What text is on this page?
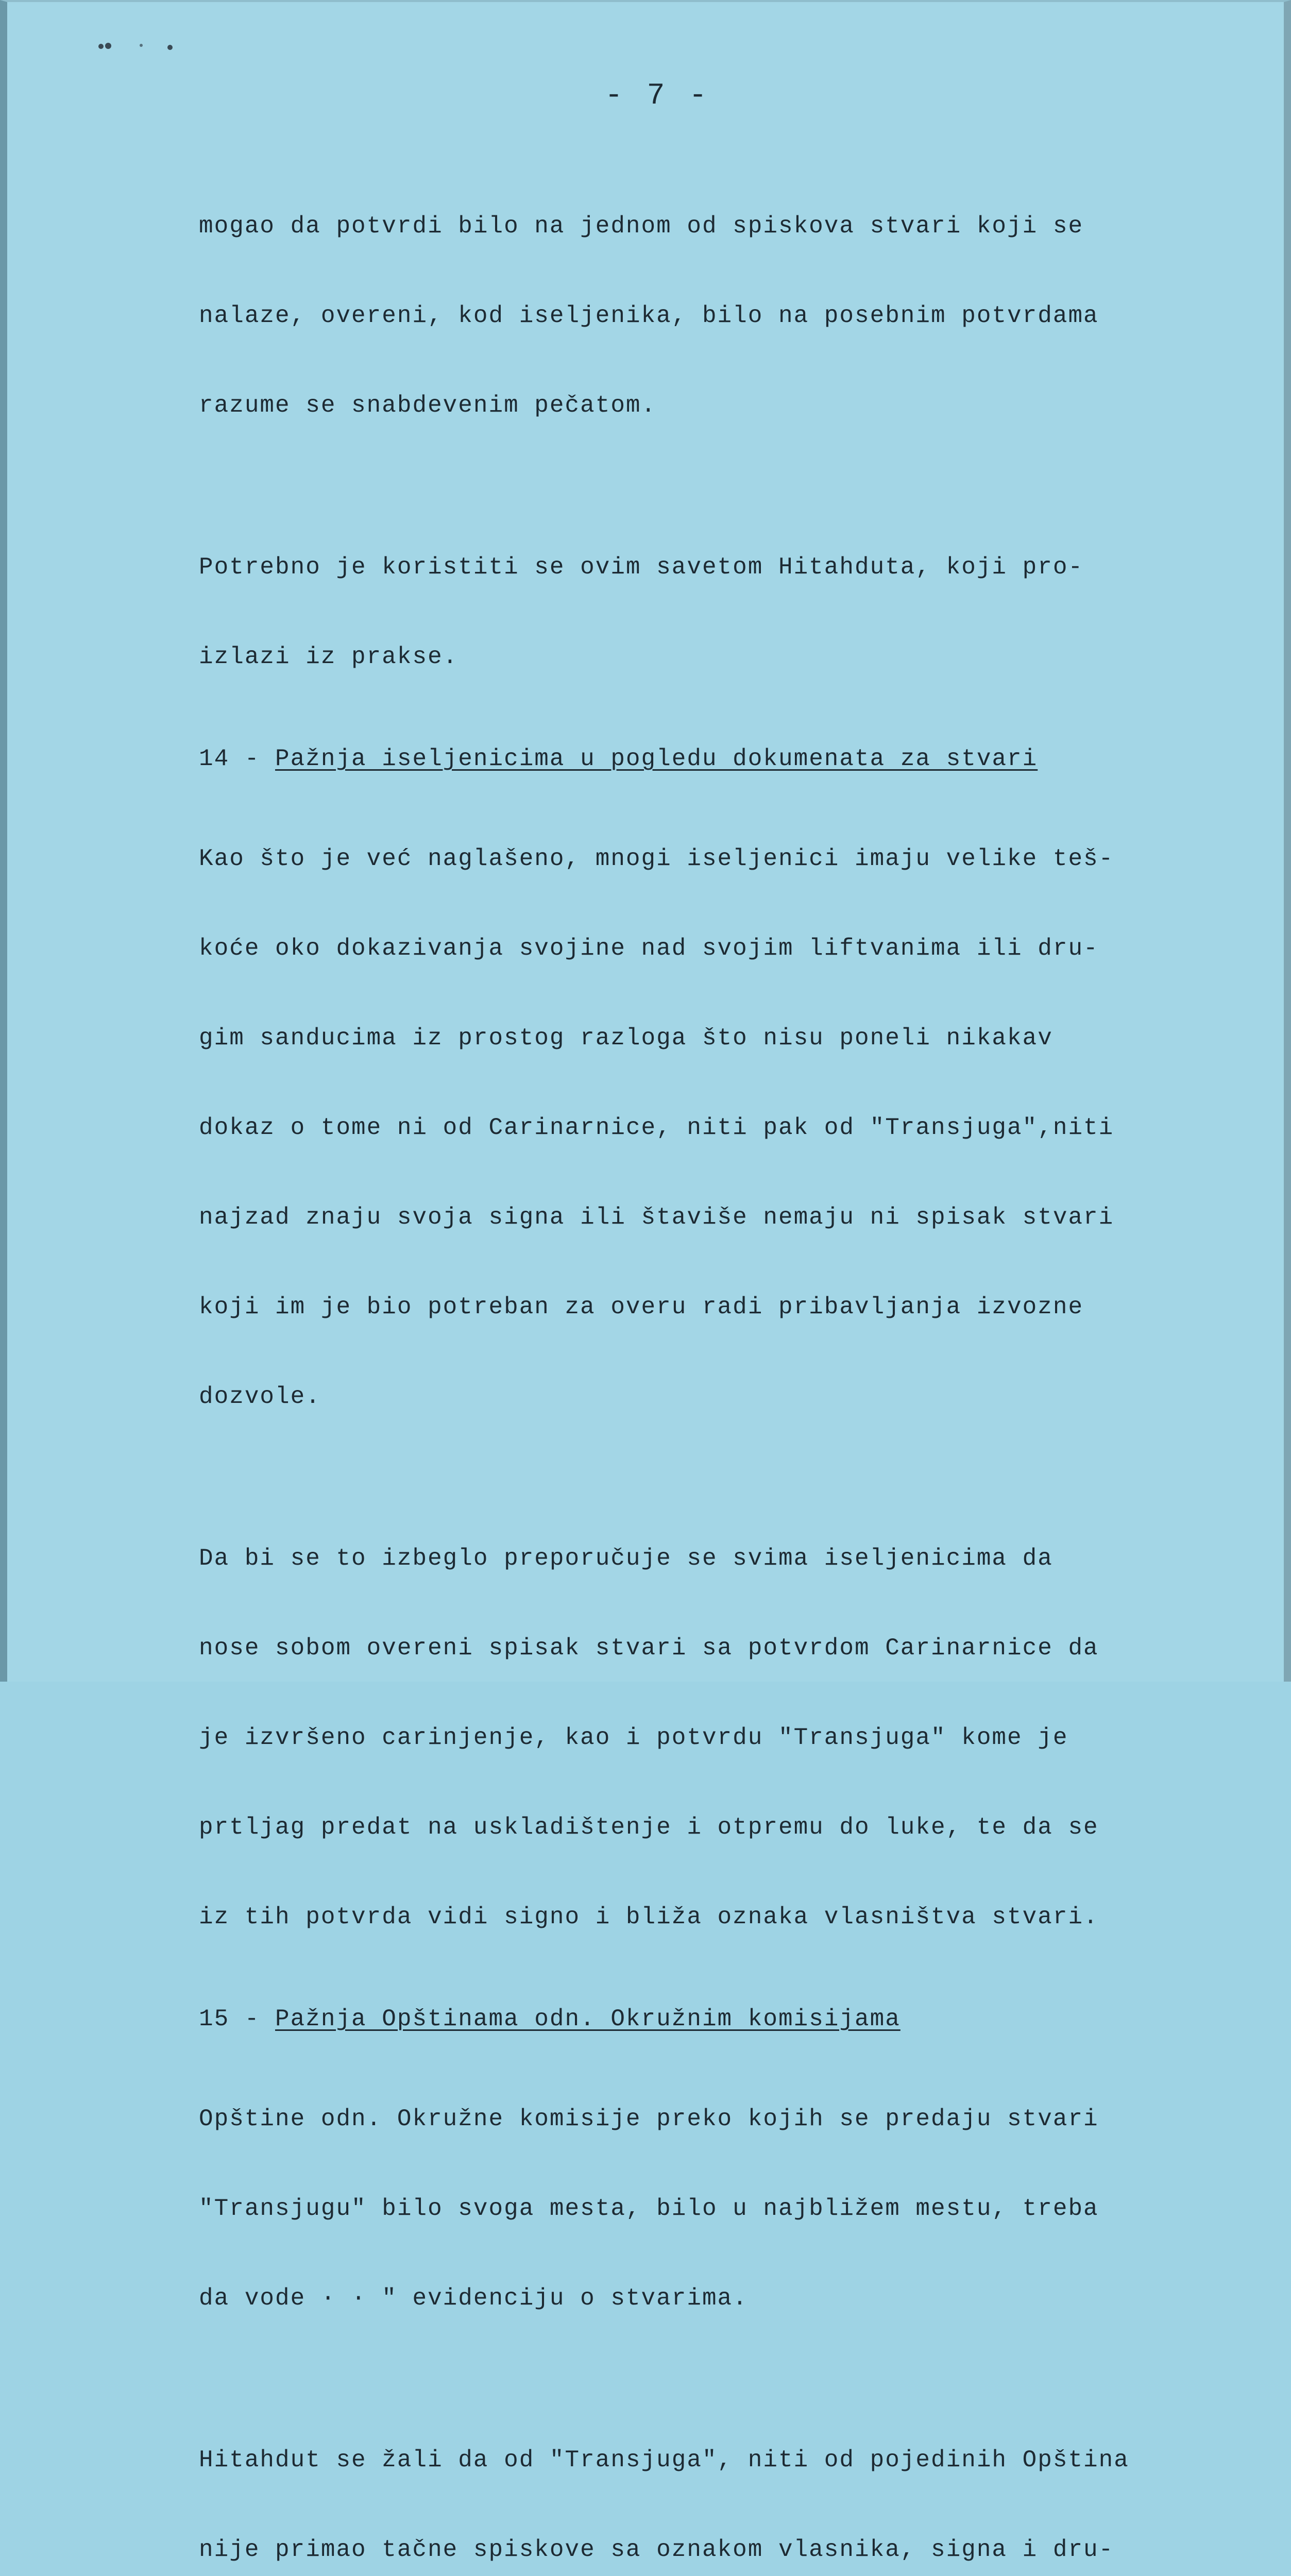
- 7 -

mogao da potvrdi bilo na jednom od spiskova stvari koji se

nalaze, overeni, kod iseljenika, bilo na posebnim potvrdama

razume se snabdevenim pečatom.

Potrebno je koristiti se ovim savetom Hitahduta, koji pro-

izlazi iz prakse.

14 - Pažnja iseljenicima u pogledu dokumenata za stvari

Kao što je već naglašeno, mnogi iseljenici imaju velike teš-

koće oko dokazivanja svojine nad svojim liftvanima ili dru-

gim sanducima iz prostog razloga što nisu poneli nikakav

dokaz o tome ni od Carinarnice, niti pak od "Transjuga",niti

najzad znaju svoja signa ili štaviše nemaju ni spisak stvari

koji im je bio potreban za overu radi pribavljanja izvozne

dozvole.

Da bi se to izbeglo preporučuje se svima iseljenicima da

nose sobom overeni spisak stvari sa potvrdom Carinarnice da

je izvršeno carinjenje, kao i potvrdu "Transjuga" kome je

prtljag predat na uskladištenje i otpremu do luke, te da se

iz tih potvrda vidi signo i bliža oznaka vlasništva stvari.

15 - Pažnja Opštinama odn. Okružnim komisijama

Opštine odn. Okružne komisije preko kojih se predaju stvari

"Transjugu" bilo svoga mesta, bilo u najbližem mestu, treba

da vode · · " evidenciju o stvarima.

Hitahdut se žali da od "Transjuga", niti od pojedinih Opština

nije primao tačne spiskove sa oznakom vlasnika, signa i dru-
